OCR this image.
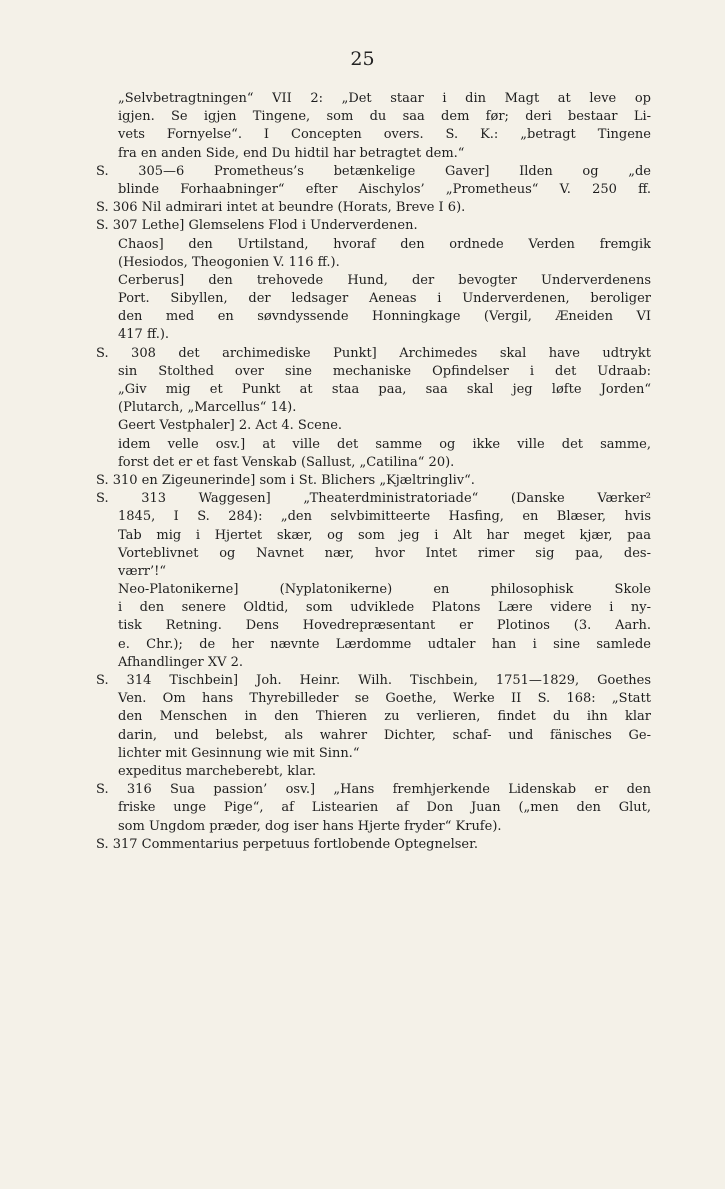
25
„Selvbetragtningen“ VII 2: „Det staar i din Magt at leve op
igjen. Se igjen Tingene, som du saa dem før; deri bestaar Li-
vets Fornyelse“. I Concepten overs. S. K.: „betragt Tingene
fra en anden Side, end Du hidtil har betragtet dem.“
S. 305—6 Prometheus’s betænkelige Gaver] Ilden og „de
blinde Forhaabninger“ efter Aischylos’ „Prometheus“ V. 250 ff.
S. 306 Nil admirari intet at beundre (Horats, Breve I 6).
S. 307 Lethe] Glemselens Flod i Underverdenen.
Chaos] den Urtilstand, hvoraf den ordnede Verden fremgik
(Hesiodos, Theogonien V. 116 ff.).
Cerberus] den trehovede Hund, der bevogter Underverdenens
Port. Sibyllen, der ledsager Aeneas i Underverdenen, beroliger
den med en søvndyssende Honningkage (Vergil, Æneiden VI
417 ff.).
S. 308 det archimediske Punkt] Archimedes skal have udtrykt
sin Stolthed over sine mechaniske Opfindelser i det Udraab:
„Giv mig et Punkt at staa paa, saa skal jeg løfte Jorden“
(Plutarch, „Marcellus“ 14).
Geert Vestphaler] 2. Act 4. Scene.
idem velle osv.] at ville det samme og ikke ville det samme,
forst det er et fast Venskab (Sallust, „Catilina“ 20).
S. 310 en Zigeunerinde] som i St. Blichers „Kjæltringliv“.
S. 313 Waggesen] „Theaterdministratoriade“ (Danske Værker²
1845, I S. 284): „den selvbimitteerte Hasfing, en Blæser, hvis
Tab mig i Hjertet skær, og som jeg i Alt har meget kjær, paa
Vorteblivnet og Navnet nær, hvor Intet rimer sig paa, des-
værr’!“
Neo-Platonikerne] (Nyplatonikerne) en philosophisk Skole
i den senere Oldtid, som udviklede Platons Lære videre i ny-
tisk Retning. Dens Hovedrepræsentant er Plotinos (3. Aarh.
e. Chr.); de her nævnte Lærdomme udtaler han i sine samlede
Afhandlinger XV 2.
S. 314 Tischbein] Joh. Heinr. Wilh. Tischbein, 1751—1829, Goethes
Ven. Om hans Thyrebilleder se Goethe, Werke II S. 168: „Statt
den Menschen in den Thieren zu verlieren, findet du ihn klar
darin, und belebst, als wahrer Dichter, schaf- und fänisches Ge-
lichter mit Gesinnung wie mit Sinn.“
expeditus marcheberebt, klar.
S. 316 Sua passion’ osv.] „Hans fremhjerkende Lidenskab er den
friske unge Pige“, af Listearien af Don Juan („men den Glut,
som Ungdom præder, dog iser hans Hjerte fryder“ Krufe).
S. 317 Commentarius perpetuus fortlobende Optegnelser.
